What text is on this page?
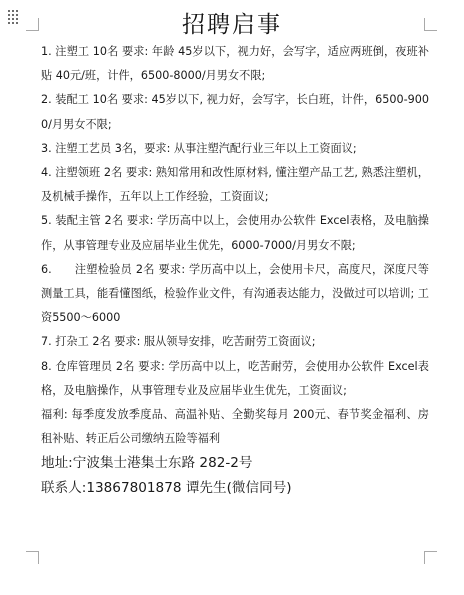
招聘启事

1. 注塑工 10名 要求: 年龄 45岁以下，视力好，会写字，适应两班倒，夜班补贴 40元/班，计件，6500-8000/月男女不限;

2. 装配工 10名 要求: 45岁以下, 视力好，会写字，长白班，计件，6500-9000/月男女不限;

3. 注塑工艺员 3名，要求: 从事注塑汽配行业三年以上工资面议;

4. 注塑领班 2名 要求: 熟知常用和改性原材料, 懂注塑产品工艺, 熟悉注塑机，及机械手操作，五年以上工作经验，工资面议;

5. 装配主管 2名 要求: 学历高中以上，会使用办公软件 Excel表格，及电脑操作，从事管理专业及应届毕业生优先，6000-7000/月男女不限;

6.　　注塑检验员 2名 要求: 学历高中以上，会使用卡尺，高度尺，深度尺等测量工具，能看懂图纸，检验作业文件，有沟通表达能力，没做过可以培训; 工资5500～6000

7. 打杂工 2名 要求: 服从领导安排，吃苦耐劳工资面议;

8. 仓库管理员 2名 要求: 学历高中以上，吃苦耐劳，会使用办公软件 Excel表格，及电脑操作，从事管理专业及应届毕业生优先，工资面议;

福利: 每季度发放季度品、高温补贴、全勤奖每月 200元、春节奖金福利、房租补贴、转正后公司缴纳五险等福利

地址:宁波集士港集士东路 282-2号

联系人:13867801878 谭先生(微信同号)
